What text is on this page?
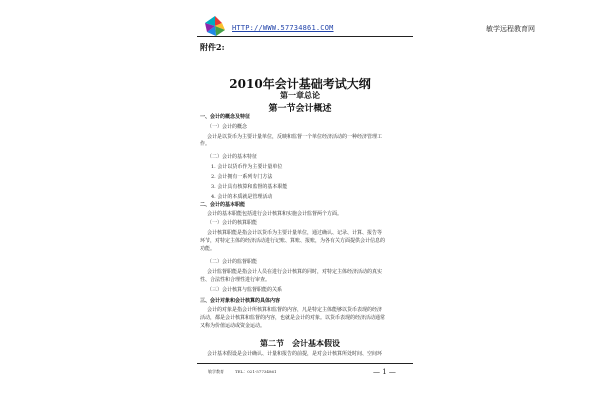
HTTP://WWW.57734861.COM	敏学远程教育网
附件2:
2010年会计基础考试大纲
第一章总论
第一节会计概述
一、会计的概念及特征
（一）会计的概念
会计是以货币为主要计量单位，反映和监督一个单位经济活动的一种经济管理工
作。
（二）会计的基本特征
1. 会计以货币作为主要计量单位
2. 会计拥有一系列专门方法
3. 会计具有核算和监督的基本职能
4. 会计的本质就是管理活动
二、会计的基本职能
会计的基本职能包括进行会计核算和实施会计监督两个方面。
（一）会计的核算职能
会计核算职能是指会计以货币为主要计量单位，通过确认、记录、计算、报告等
环节，对特定主体的经济活动进行记账、算账、报账，为各有关方面提供会计信息的
功能。
（二）会计的监督职能
会计监督职能是指会计人员在进行会计核算的同时，对特定主体经济活动的真实
性、合法性和合理性进行审查。
（三）会计核算与监督职能的关系
三、会计对象和会计核算的具体内容
会计的对象是指会计所核算和监督的内容，凡是特定主体能够以货币表现的经济
活动，都是会计核算和监督的内容，也就是会计的对象。以货币表现的经济活动通常
又称为价值运动或资金运动。
第二节　会计基本假设
会计基本假设是会计确认、计量和报告的前提，是对会计核算所处时间、空间环
敏学教育	TEL：021-57734861	— 1 —
